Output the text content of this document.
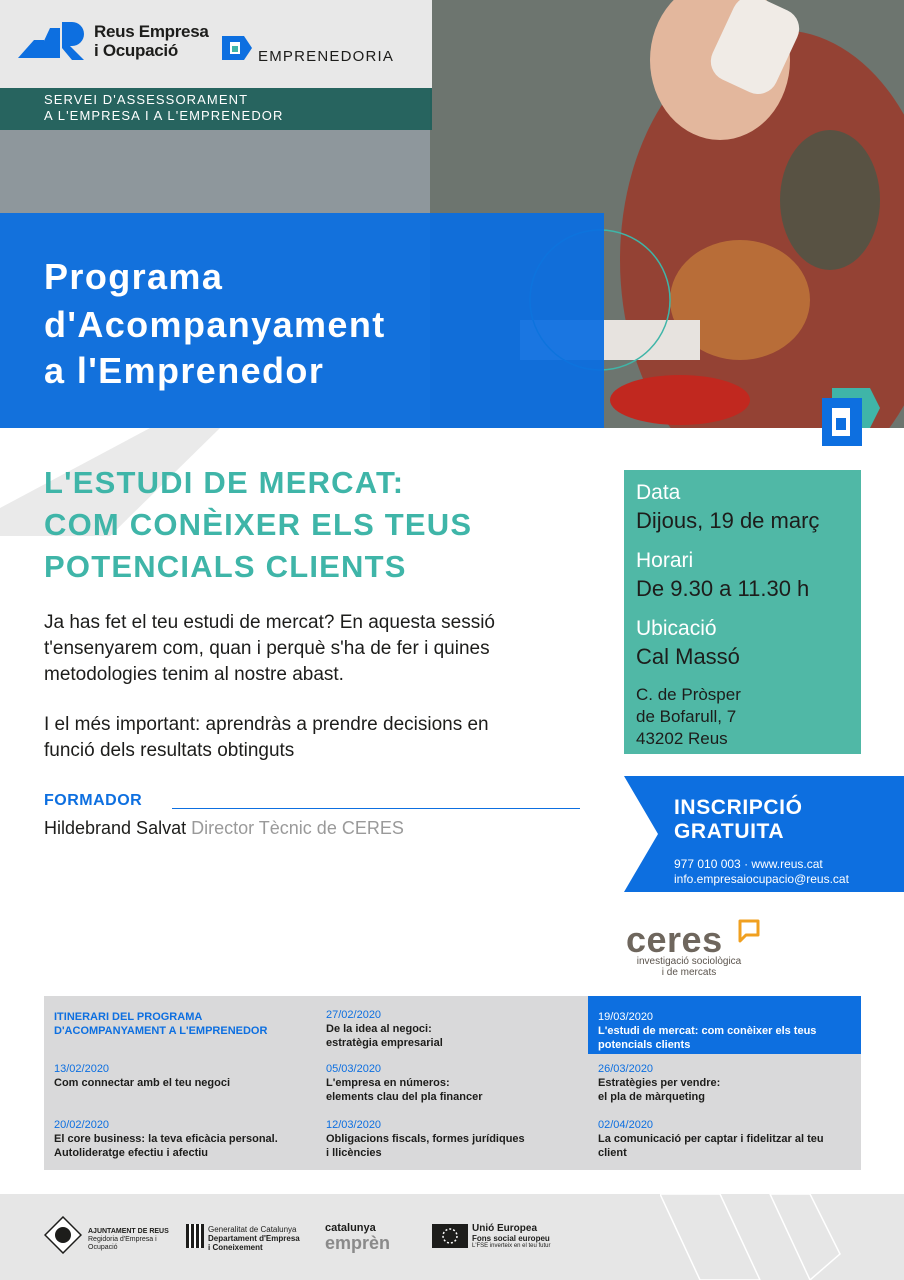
Reus Empresa
i Ocupació	EMPRENEDORIA
SERVEI D'ASSESSORAMENT
A L'EMPRESA I A L'EMPRENEDOR
Programa
d'Acompanyament
a l'Emprenedor
L'ESTUDI DE MERCAT:
COM CONÈIXER ELS TEUS
POTENCIALS CLIENTS
Ja has fet el teu estudi de mercat? En aquesta sessió
t'ensenyarem com, quan i perquè s'ha de fer i quines
metodologies tenim al nostre abast.
I el més important: aprendràs a prendre decisions en
funció dels resultats obtinguts
FORMADOR
Hildebrand Salvat Director Tècnic de CERES
Data
Dijous, 19 de març
Horari
De 9.30 a 11.30 h
Ubicació
Cal Massó
C. de Pròsper
de Bofarull, 7
43202 Reus
INSCRIPCIÓ
GRATUITA
977 010 003 · www.reus.cat
info.empresaiocupacio@reus.cat
ceres
investigació sociològica
i de mercats
ITINERARI DEL PROGRAMA
D'ACOMPANYAMENT A L'EMPRENEDOR
13/02/2020
Com connectar amb el teu negoci
20/02/2020
El core business: la teva eficàcia personal.
Autolideratge efectiu i afectiu
27/02/2020
De la idea al negoci:
estratègia empresarial
05/03/2020
L'empresa en números:
elements clau del pla financer
12/03/2020
Obligacions fiscals, formes jurídiques
i llicències
19/03/2020
L'estudi de mercat: com conèixer els teus
potencials clients
26/03/2020
Estratègies per vendre:
el pla de màrqueting
02/04/2020
La comunicació per captar i fidelitzar al teu
client
AJUNTAMENT DE REUS
Regidoria d'Empresa i
Ocupació
Generalitat de Catalunya
Departament d'Empresa
i Coneixement
catalunya
emprèn
Unió Europea
Fons social europeu
L'FSE inverteix en el teu futur
